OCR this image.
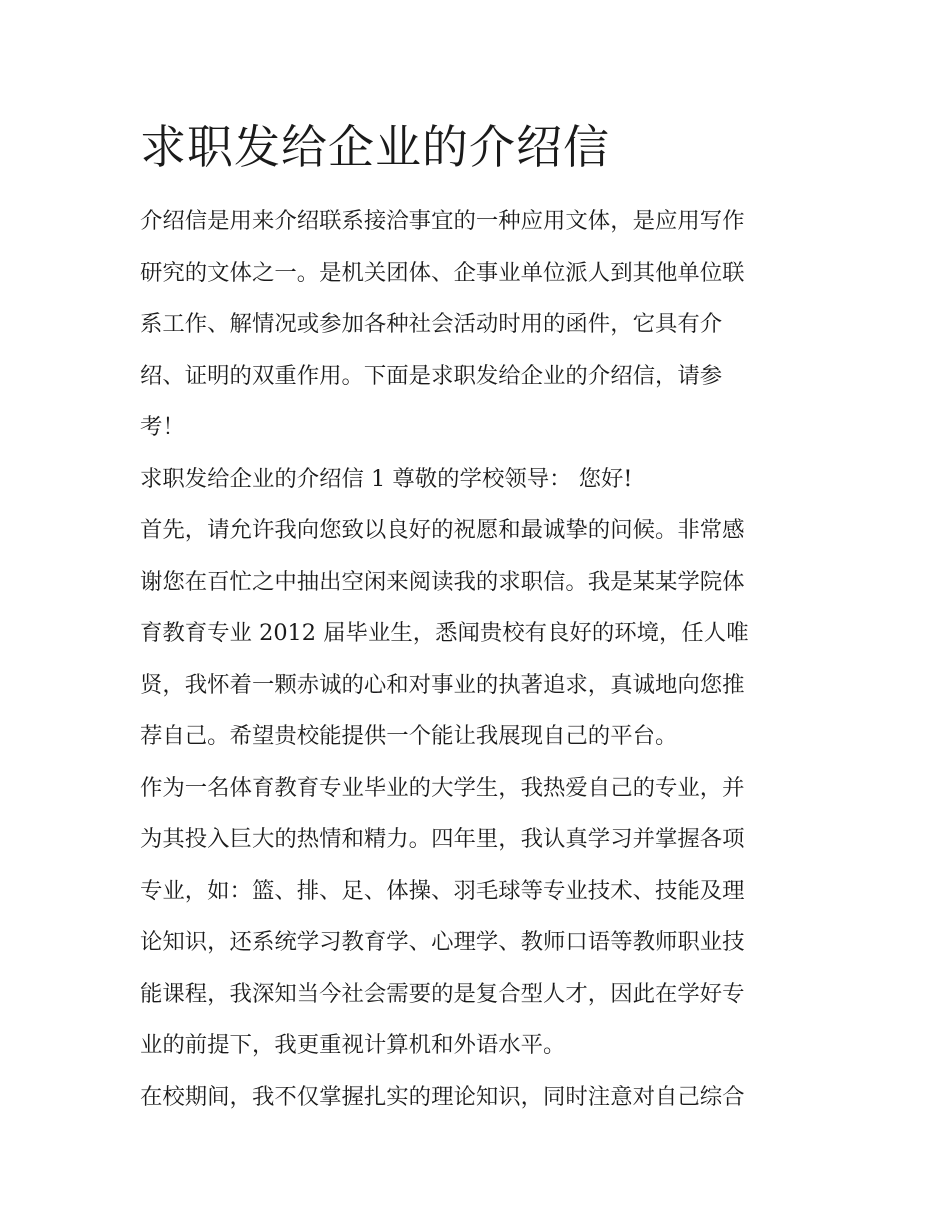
求职发给企业的介绍信

介绍信是用来介绍联系接洽事宜的一种应用文体，是应用写作
研究的文体之一。是机关团体、企事业单位派人到其他单位联
系工作、解情况或参加各种社会活动时用的函件，它具有介
绍、证明的双重作用。下面是求职发给企业的介绍信，请参
考！

求职发给企业的介绍信 1 尊敬的学校领导： 您好!

首先，请允许我向您致以良好的祝愿和最诚挚的问候。非常感
谢您在百忙之中抽出空闲来阅读我的求职信。我是某某学院体
育教育专业 2012 届毕业生，悉闻贵校有良好的环境，任人唯
贤，我怀着一颗赤诚的心和对事业的执著追求，真诚地向您推
荐自己。希望贵校能提供一个能让我展现自己的平台。

作为一名体育教育专业毕业的大学生，我热爱自己的专业，并
为其投入巨大的热情和精力。四年里，我认真学习并掌握各项
专业，如：篮、排、足、体操、羽毛球等专业技术、技能及理
论知识，还系统学习教育学、心理学、教师口语等教师职业技
能课程，我深知当今社会需要的是复合型人才，因此在学好专
业的前提下，我更重视计算机和外语水平。

在校期间，我不仅掌握扎实的理论知识，同时注意对自己综合
